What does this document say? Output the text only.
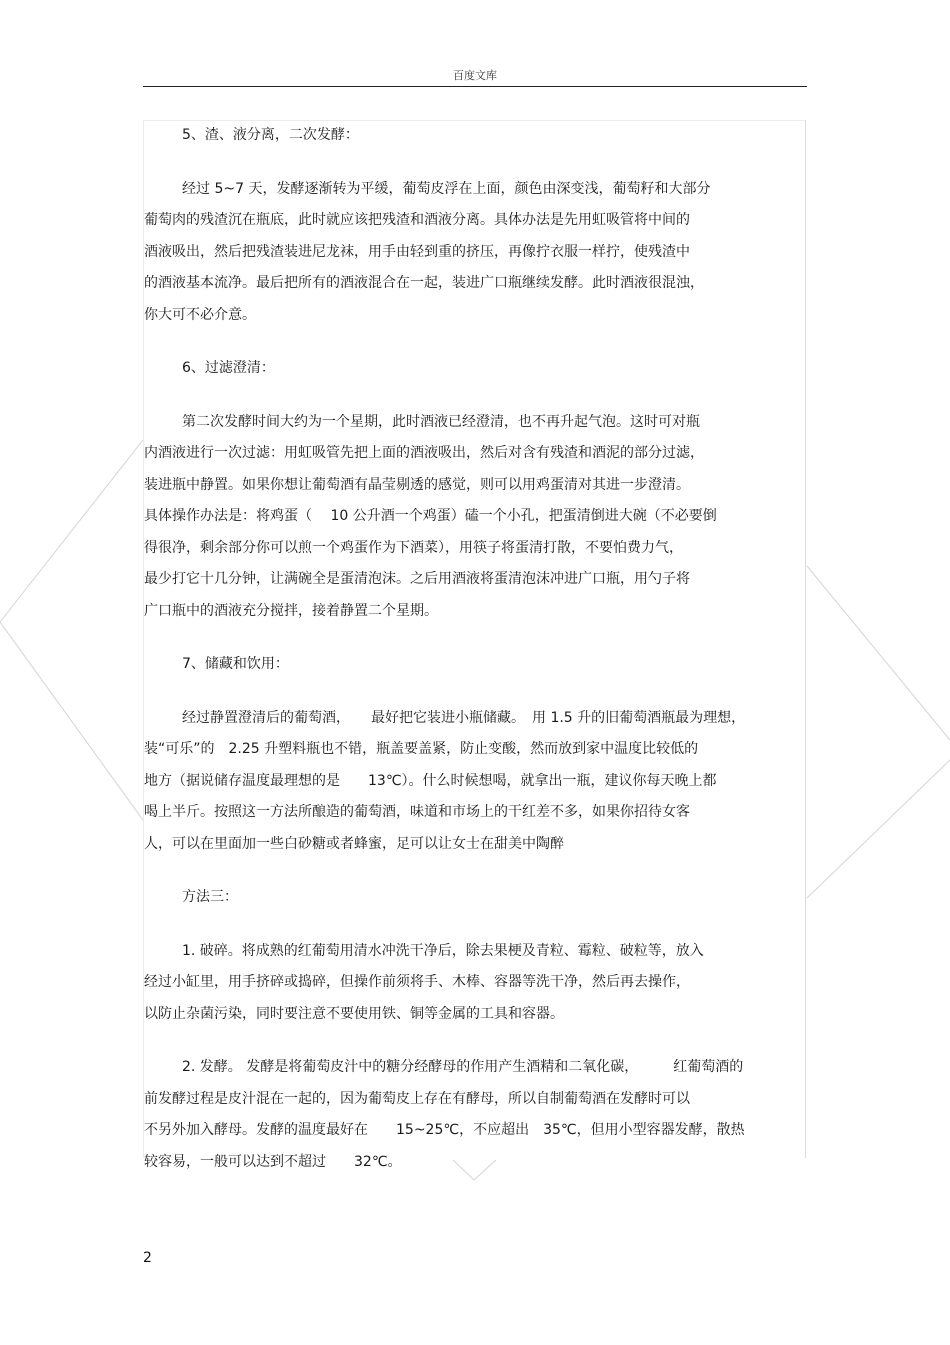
百度文库

5、渣、液分离，二次发酵：

经过 5~7 天，发酵逐渐转为平缓，葡萄皮浮在上面，颜色由深变浅，葡萄籽和大部分
葡萄肉的残渣沉在瓶底，此时就应该把残渣和酒液分离。具体办法是先用虹吸管将中间的
酒液吸出，然后把残渣装进尼龙袜，用手由轻到重的挤压，再像拧衣服一样拧，使残渣中
的酒液基本流净。最后把所有的酒液混合在一起，装进广口瓶继续发酵。此时酒液很混浊，
你大可不必介意。

6、过滤澄清：

第二次发酵时间大约为一个星期，此时酒液已经澄清，也不再升起气泡。这时可对瓶
内酒液进行一次过滤：用虹吸管先把上面的酒液吸出，然后对含有残渣和酒泥的部分过滤，
装进瓶中静置。如果你想让葡萄酒有晶莹剔透的感觉，则可以用鸡蛋清对其进一步澄清。
具体操作办法是：将鸡蛋（　 10 公升酒一个鸡蛋）磕一个小孔，把蛋清倒进大碗（不必要倒
得很净，剩余部分你可以煎一个鸡蛋作为下酒菜），用筷子将蛋清打散，不要怕费力气，
最少打它十几分钟，让满碗全是蛋清泡沫。之后用酒液将蛋清泡沫冲进广口瓶，用勺子将
广口瓶中的酒液充分搅拌，接着静置二个星期。

7、储藏和饮用：

经过静置澄清后的葡萄酒，　　最好把它装进小瓶储藏。　用 1.5 升的旧葡萄酒瓶最为理想，
装“可乐”的　2.25 升塑料瓶也不错，瓶盖要盖紧，防止变酸，然而放到家中温度比较低的
地方（据说储存温度最理想的是　　13℃）。什么时候想喝，就拿出一瓶，建议你每天晚上都
喝上半斤。按照这一方法所酿造的葡萄酒，味道和市场上的干红差不多，如果你招待女客
人，可以在里面加一些白砂糖或者蜂蜜，足可以让女士在甜美中陶醉

方法三：

1. 破碎。将成熟的红葡萄用清水冲洗干净后，除去果梗及青粒、霉粒、破粒等，放入
经过小缸里，用手挤碎或捣碎，但操作前须将手、木棒、容器等洗干净，然后再去操作，
以防止杂菌污染，同时要注意不要使用铁、铜等金属的工具和容器。

2. 发酵。 发酵是将葡萄皮汁中的糖分经酵母的作用产生酒精和二氧化碳，　　　红葡萄酒的
前发酵过程是皮汁混在一起的，因为葡萄皮上存在有酵母，所以自制葡萄酒在发酵时可以
不另外加入酵母。发酵的温度最好在　　15~25℃，不应超出　35℃，但用小型容器发酵，散热
较容易，一般可以达到不超过　　32℃。

2
